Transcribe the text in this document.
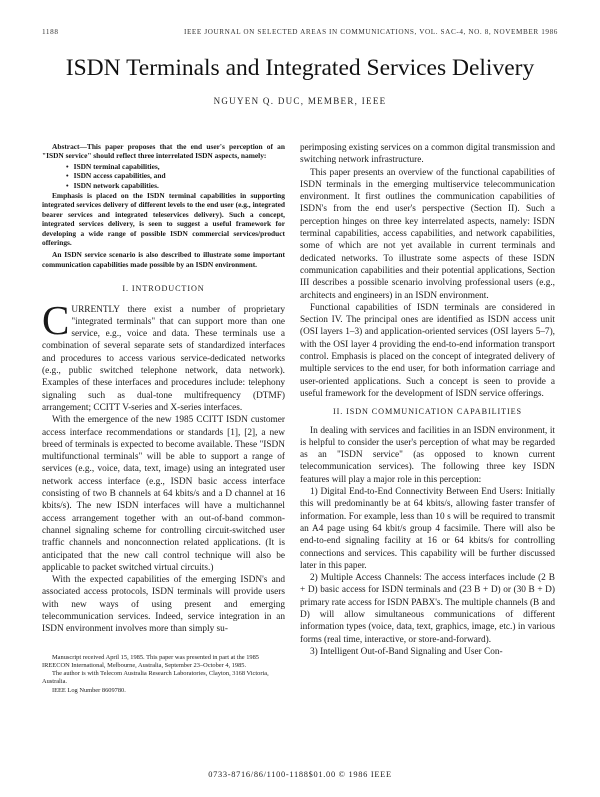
1188	IEEE JOURNAL ON SELECTED AREAS IN COMMUNICATIONS, VOL. SAC-4, NO. 8, NOVEMBER 1986
ISDN Terminals and Integrated Services Delivery
NGUYEN Q. DUC, MEMBER, IEEE

Abstract—This paper proposes that the end user's perception of an "ISDN service" should reflect three interrelated ISDN aspects, namely:

• ISDN terminal capabilities,
• ISDN access capabilities, and
• ISDN network capabilities.

Emphasis is placed on the ISDN terminal capabilities in supporting integrated services delivery of different levels to the end user (e.g., integrated bearer services and integrated teleservices delivery). Such a concept, integrated services delivery, is seen to suggest a useful framework for developing a wide range of possible ISDN commercial services/product offerings.

An ISDN service scenario is also described to illustrate some important communication capabilities made possible by an ISDN environment.

I. INTRODUCTION

CURRENTLY there exist a number of proprietary "integrated terminals" that can support more than one service, e.g., voice and data. These terminals use a combination of several separate sets of standardized interfaces and procedures to access various service-dedicated networks (e.g., public switched telephone network, data network). Examples of these interfaces and procedures include: telephony signaling such as dual-tone multifrequency (DTMF) arrangement; CCITT V-series and X-series interfaces.

With the emergence of the new 1985 CCITT ISDN customer access interface recommendations or standards [1], [2], a new breed of terminals is expected to become available. These "ISDN multifunctional terminals" will be able to support a range of services (e.g., voice, data, text, image) using an integrated user network access interface (e.g., ISDN basic access interface consisting of two B channels at 64 kbits/s and a D channel at 16 kbits/s). The new ISDN interfaces will have a multichannel access arrangement together with an out-of-band common-channel signaling scheme for controlling circuit-switched user traffic channels and nonconnection related applications. (It is anticipated that the new call control technique will also be applicable to packet switched virtual circuits.)

With the expected capabilities of the emerging ISDN's and associated access protocols, ISDN terminals will provide users with new ways of using present and emerging telecommunication services. Indeed, service integration in an ISDN environment involves more than simply su-

Manuscript received April 15, 1985. This paper was presented in part at the 1985 IREECON International, Melbourne, Australia, September 23–October 4, 1985.

The author is with Telecom Australia Research Laboratories, Clayton, 3168 Victoria, Australia.

IEEE Log Number 8609780.

perimposing existing services on a common digital transmission and switching network infrastructure.

This paper presents an overview of the functional capabilities of ISDN terminals in the emerging multiservice telecommunication environment. It first outlines the communication capabilities of ISDN's from the end user's perspective (Section II). Such a perception hinges on three key interrelated aspects, namely: ISDN terminal capabilities, access capabilities, and network capabilities, some of which are not yet available in current terminals and dedicated networks. To illustrate some aspects of these ISDN communication capabilities and their potential applications, Section III describes a possible scenario involving professional users (e.g., architects and engineers) in an ISDN environment.

Functional capabilities of ISDN terminals are considered in Section IV. The principal ones are identified as ISDN access unit (OSI layers 1–3) and application-oriented services (OSI layers 5–7), with the OSI layer 4 providing the end-to-end information transport control. Emphasis is placed on the concept of integrated delivery of multiple services to the end user, for both information carriage and user-oriented applications. Such a concept is seen to provide a useful framework for the development of ISDN service offerings.

II. ISDN COMMUNICATION CAPABILITIES

In dealing with services and facilities in an ISDN environment, it is helpful to consider the user's perception of what may be regarded as an "ISDN service" (as opposed to known current telecommunication services). The following three key ISDN features will play a major role in this perception:

1) Digital End-to-End Connectivity Between End Users: Initially this will predominantly be at 64 kbits/s, allowing faster transfer of information. For example, less than 10 s will be required to transmit an A4 page using 64 kbit/s group 4 facsimile. There will also be end-to-end signaling facility at 16 or 64 kbits/s for controlling connections and services. This capability will be further discussed later in this paper.

2) Multiple Access Channels: The access interfaces include (2 B + D) basic access for ISDN terminals and (23 B + D) or (30 B + D) primary rate access for ISDN PABX's. The multiple channels (B and D) will allow simultaneous communications of different information types (voice, data, text, graphics, image, etc.) in various forms (real time, interactive, or store-and-forward).

3) Intelligent Out-of-Band Signaling and User Con-

0733-8716/86/1100-1188$01.00 © 1986 IEEE
